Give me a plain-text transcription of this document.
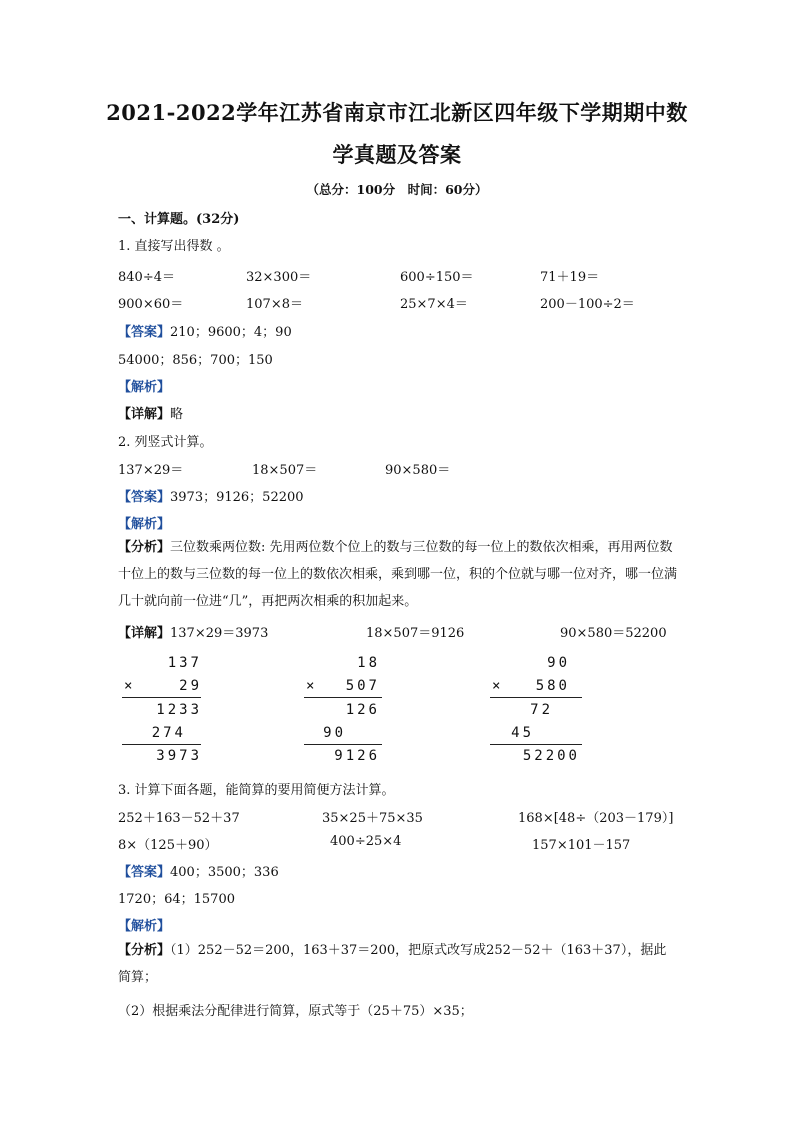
2021-2022学年江苏省南京市江北新区四年级下学期期中数
学真题及答案
（总分：100分　时间：60分）
一、计算题。(32分)
1. 直接写出得数 。
840÷4＝	32×300＝	600÷150＝	71＋19＝
900×60＝	107×8＝	25×7×4＝	200－100÷2＝
【答案】210；9600；4；90
54000；856；700；150
【解析】
【详解】略
2. 列竖式计算。
137×29＝	18×507＝	90×580＝
【答案】3973；9126；52200
【解析】
【分析】三位数乘两位数: 先用两位数个位上的数与三位数的每一位上的数依次相乘，再用两位数十位上的数与三位数的每一位上的数依次相乘，乘到哪一位，积的个位就与哪一位对齐，哪一位满几十就向前一位进“几”，再把两次相乘的积加起来。
【详解】137×29＝3973	18×507＝9126	90×580＝52200
137
×	29
1233
274
3973
18
×	507
126
90
9126
90
×	580
72
45
52200
3. 计算下面各题，能简算的要用简便方法计算。
252＋163－52＋37	35×25＋75×35	168×[48÷（203－179）]
8×（125＋90）	400÷25×4	157×101－157
【答案】400；3500；336
1720；64；15700
【解析】
【分析】（1）252－52＝200，163＋37＝200，把原式改写成252－52＋（163＋37），据此简算；
（2）根据乘法分配律进行简算，原式等于（25＋75）×35；
